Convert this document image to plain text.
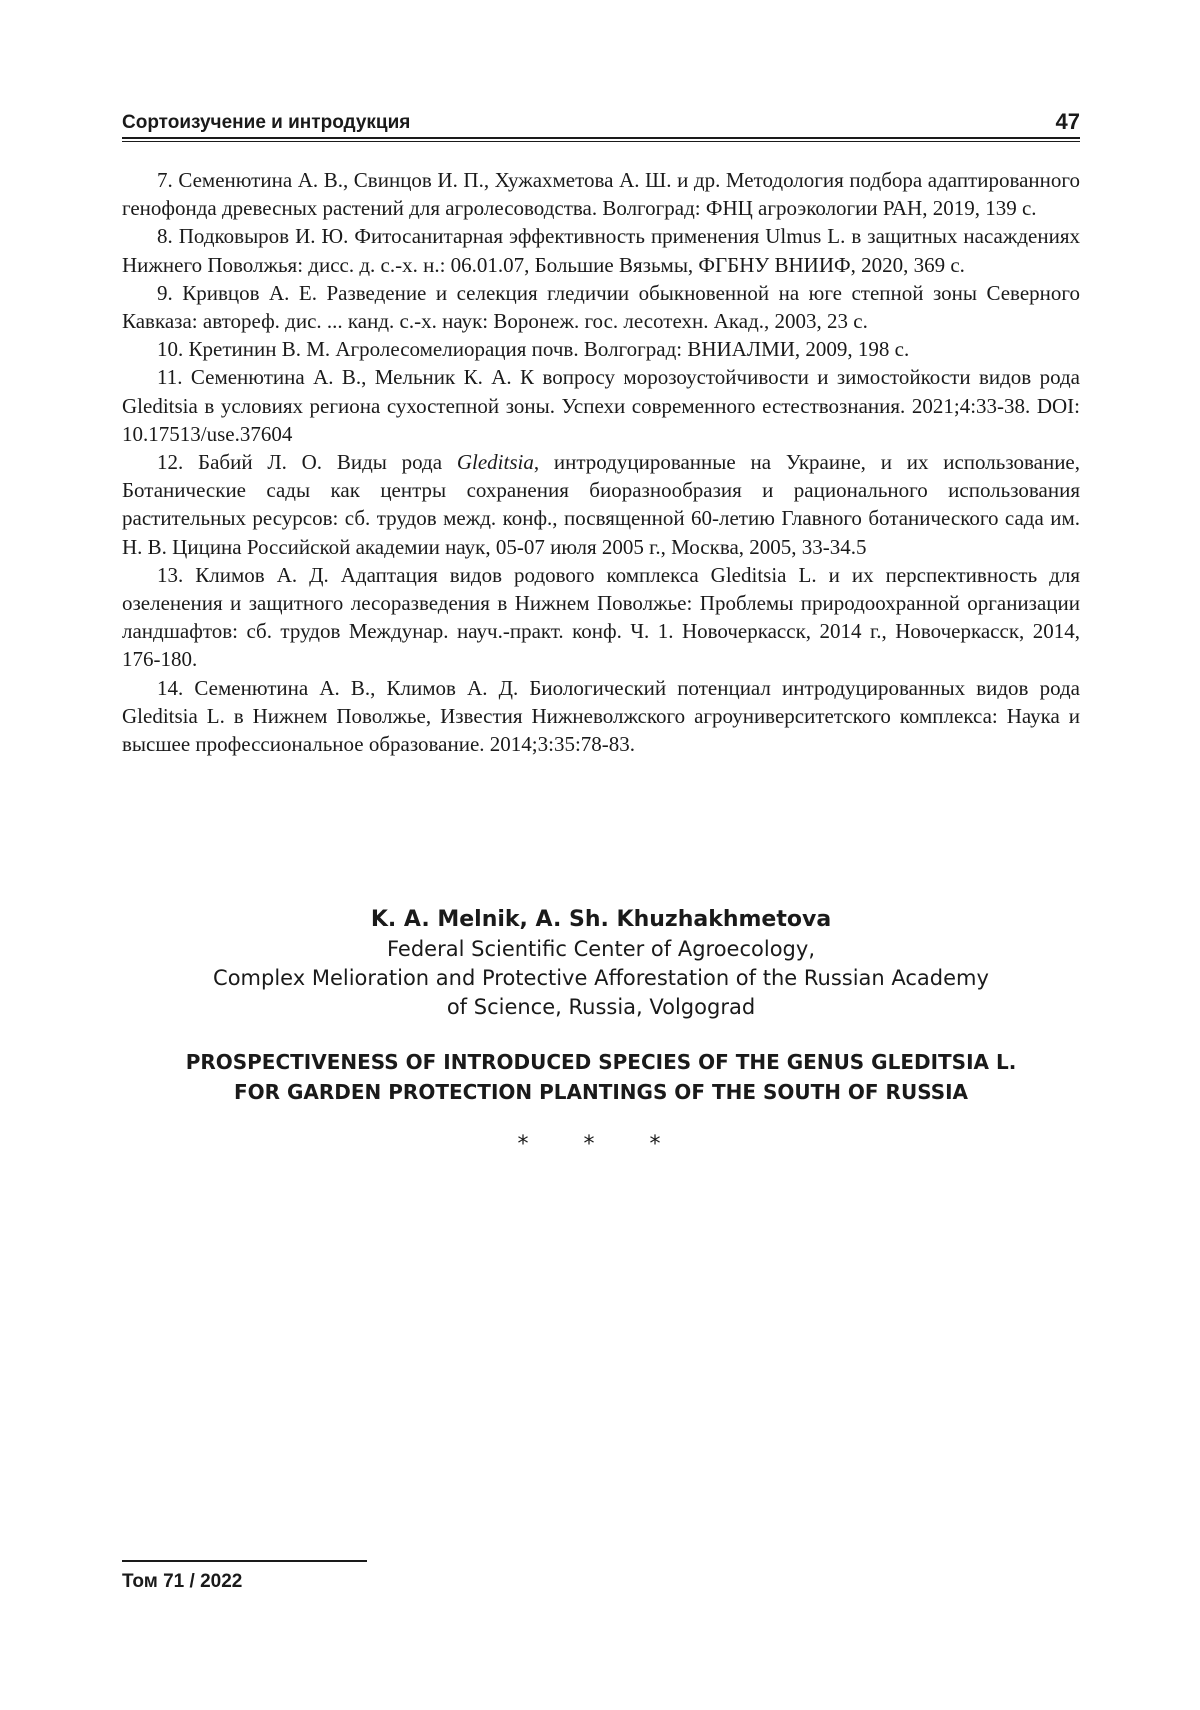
Сортоизучение и интродукция	47

7. Семенютина А. В., Свинцов И. П., Хужахметова А. Ш. и др. Методология подбора адаптированного генофонда древесных растений для агролесоводства. Волгоград: ФНЦ агроэкологии РАН, 2019, 139 с.

8. Подковыров И. Ю. Фитосанитарная эффективность применения Ulmus L. в защитных насаждениях Нижнего Поволжья: дисс. д. с.-х. н.: 06.01.07, Большие Вязьмы, ФГБНУ ВНИИФ, 2020, 369 с.

9. Кривцов А. Е. Разведение и селекция гледичии обыкновенной на юге степной зоны Северного Кавказа: автореф. дис. ... канд. с.-х. наук: Воронеж. гос. лесотехн. Акад., 2003, 23 с.

10. Кретинин В. М. Агролесомелиорация почв. Волгоград: ВНИАЛМИ, 2009, 198 с.

11. Семенютина А. В., Мельник К. А. К вопросу морозоустойчивости и зимостойкости видов рода Gleditsia в условиях региона сухостепной зоны. Успехи современного естествознания. 2021;4:33-38. DOI: 10.17513/use.37604

12. Бабий Л. О. Виды рода Gleditsia, интродуцированные на Украине, и их использование, Ботанические сады как центры сохранения биоразнообразия и рационального использования растительных ресурсов: сб. трудов межд. конф., посвященной 60-летию Главного ботанического сада им. Н. В. Цицина Российской академии наук, 05-07 июля 2005 г., Москва, 2005, 33-34.5

13. Климов А. Д. Адаптация видов родового комплекса Gleditsia L. и их перспективность для озеленения и защитного лесоразведения в Нижнем Поволжье: Проблемы природоохранной организации ландшафтов: сб. трудов Междунар. науч.-практ. конф. Ч. 1. Новочеркасск, 2014 г., Новочеркасск, 2014, 176-180.

14. Семенютина А. В., Климов А. Д. Биологический потенциал интродуцированных видов рода Gleditsia L. в Нижнем Поволжье, Известия Нижневолжского агроуниверситетского комплекса: Наука и высшее профессиональное образование. 2014;3:35:78-83.

K. A. Melnik, A. Sh. Khuzhakhmetova
Federal Scientific Center of Agroecology,
Complex Melioration and Protective Afforestation of the Russian Academy
of Science, Russia, Volgograd
PROSPECTIVENESS OF INTRODUCED SPECIES OF THE GENUS GLEDITSIA L.
FOR GARDEN PROTECTION PLANTINGS OF THE SOUTH OF RUSSIA
* * *
Том 71 / 2022
